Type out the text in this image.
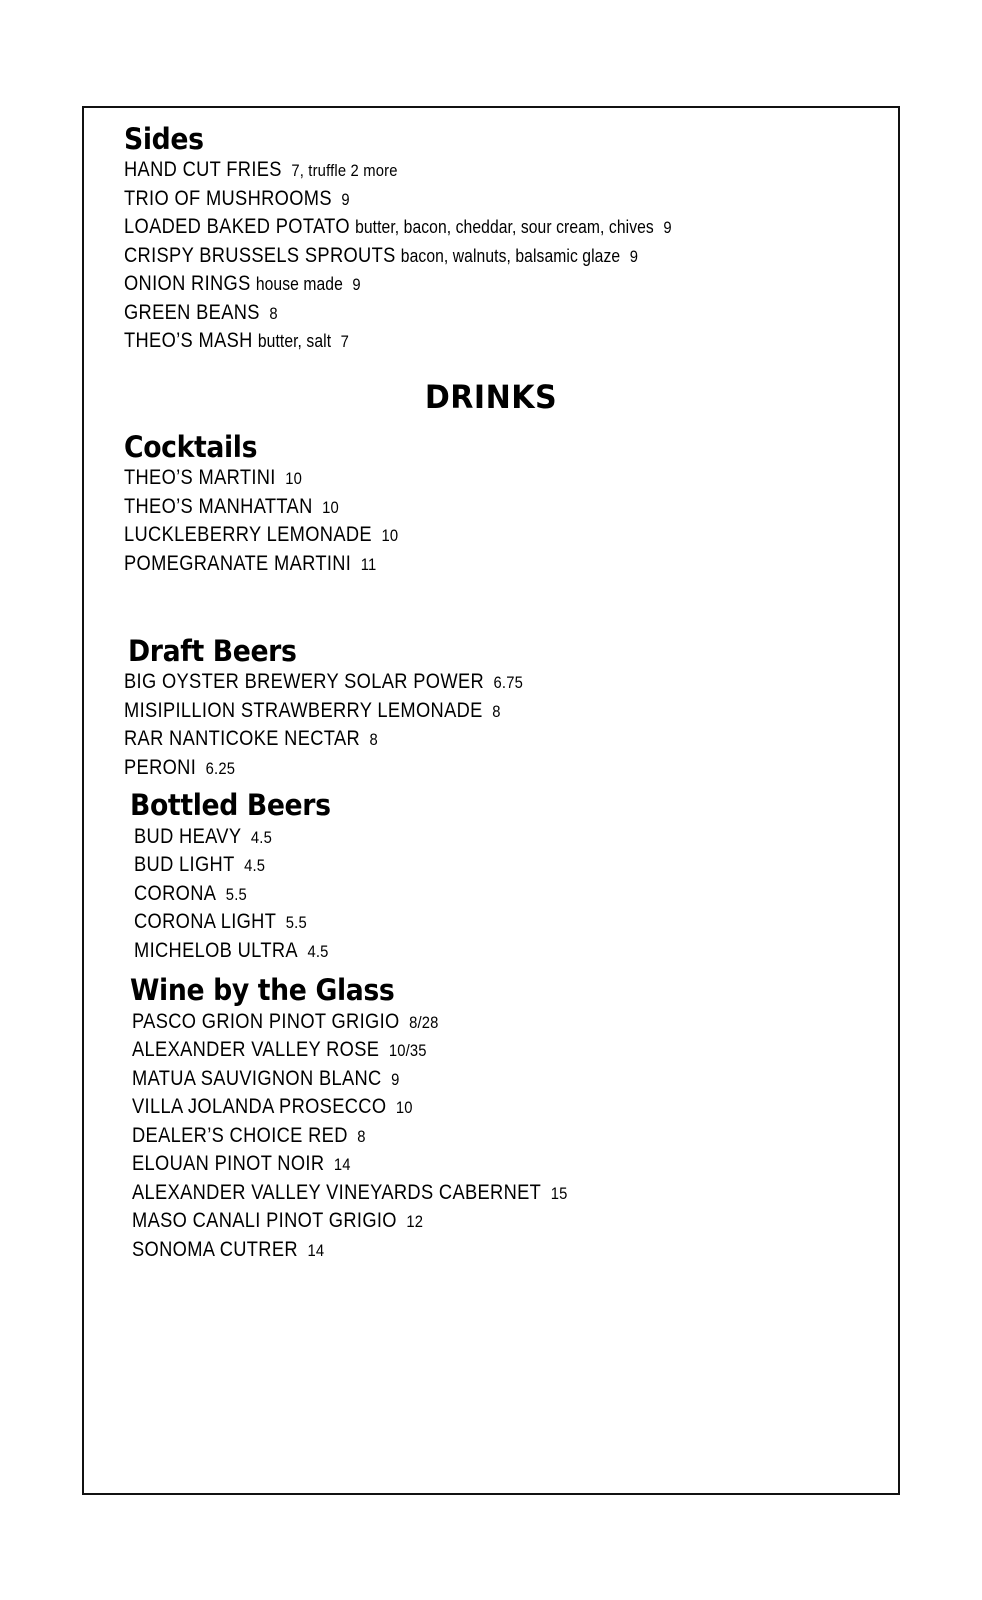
Sides
HAND CUT FRIES 7, truffle 2 more
TRIO OF MUSHROOMS 9
LOADED BAKED POTATO butter, bacon, cheddar, sour cream, chives 9
CRISPY BRUSSELS SPROUTS bacon, walnuts, balsamic glaze 9
ONION RINGS house made 9
GREEN BEANS 8
THEO’S MASH butter, salt 7
DRINKS
Cocktails
THEO’S MARTINI 10
THEO’S MANHATTAN 10
LUCKLEBERRY LEMONADE 10
POMEGRANATE MARTINI 11
Draft Beers
BIG OYSTER BREWERY SOLAR POWER 6.75
MISIPILLION STRAWBERRY LEMONADE 8
RAR NANTICOKE NECTAR 8
PERONI 6.25
Bottled Beers
BUD HEAVY 4.5
BUD LIGHT 4.5
CORONA 5.5
CORONA LIGHT 5.5
MICHELOB ULTRA 4.5
Wine by the Glass
PASCO GRION PINOT GRIGIO 8/28
ALEXANDER VALLEY ROSE 10/35
MATUA SAUVIGNON BLANC 9
VILLA JOLANDA PROSECCO 10
DEALER’S CHOICE RED 8
ELOUAN PINOT NOIR 14
ALEXANDER VALLEY VINEYARDS CABERNET 15
MASO CANALI PINOT GRIGIO 12
SONOMA CUTRER 14
